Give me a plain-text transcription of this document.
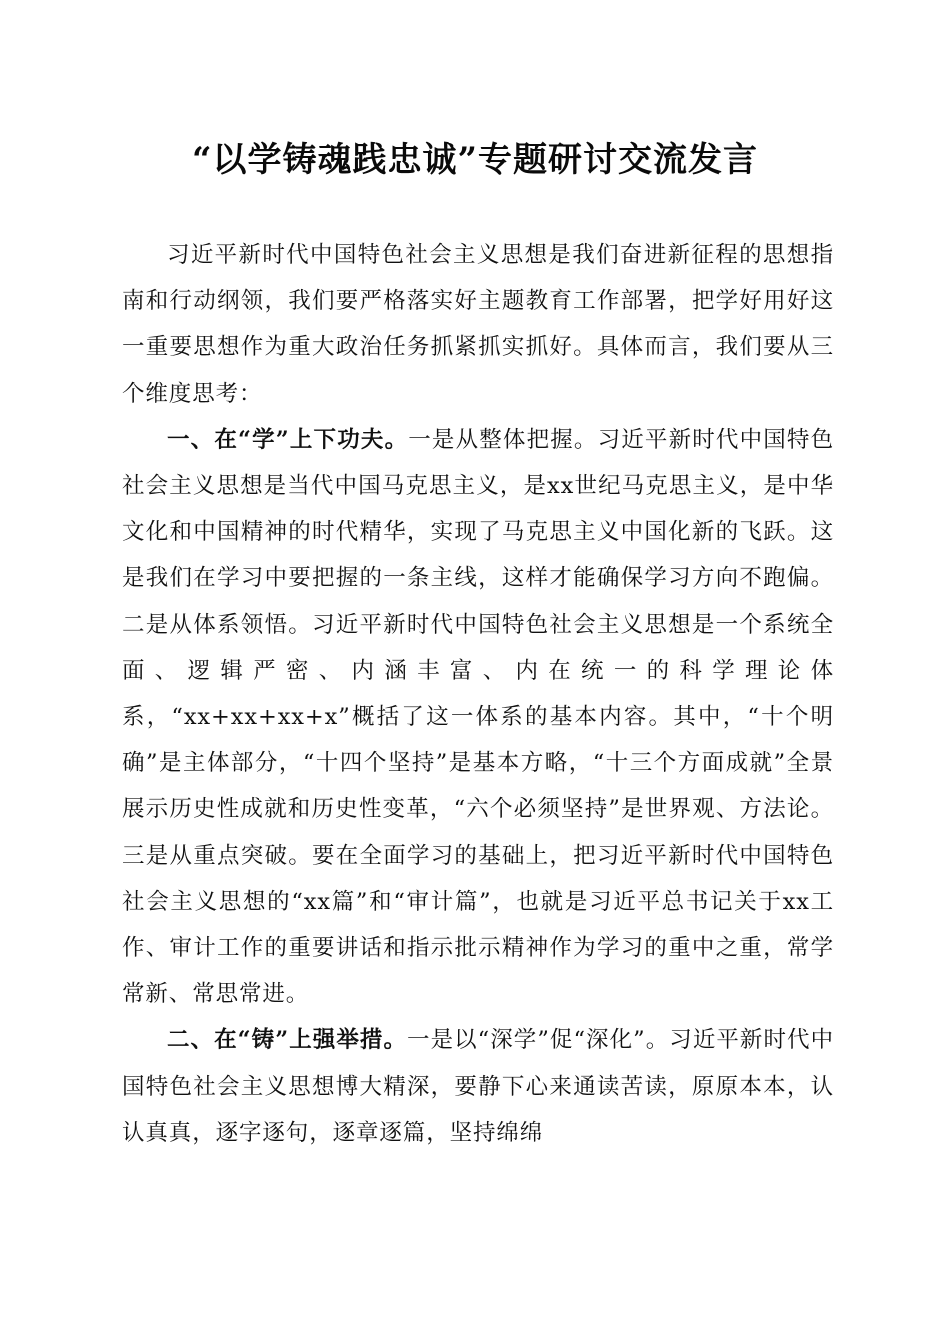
“以学铸魂践忠诚”专题研讨交流发言

习近平新时代中国特色社会主义思想是我们奋进新征程的思想指南和行动纲领，我们要严格落实好主题教育工作部署，把学好用好这一重要思想作为重大政治任务抓紧抓实抓好。具体而言，我们要从三个维度思考：

一、在“学”上下功夫。一是从整体把握。习近平新时代中国特色社会主义思想是当代中国马克思主义，是xx世纪马克思主义，是中华文化和中国精神的时代精华，实现了马克思主义中国化新的飞跃。这是我们在学习中要把握的一条主线，这样才能确保学习方向不跑偏。二是从体系领悟。习近平新时代中国特色社会主义思想是一个系统全面、逻辑严密、内涵丰富、内在统一的科学理论体系，“xx+xx+xx+x”概括了这一体系的基本内容。其中，“十个明确”是主体部分，“十四个坚持”是基本方略，“十三个方面成就”全景展示历史性成就和历史性变革，“六个必须坚持”是世界观、方法论。三是从重点突破。要在全面学习的基础上，把习近平新时代中国特色社会主义思想的“xx篇”和“审计篇”，也就是习近平总书记关于xx工作、审计工作的重要讲话和指示批示精神作为学习的重中之重，常学常新、常思常进。

二、在“铸”上强举措。一是以“深学”促“深化”。习近平新时代中国特色社会主义思想博大精深，要静下心来通读苦读，原原本本，认认真真，逐字逐句，逐章逐篇，坚持绵绵
